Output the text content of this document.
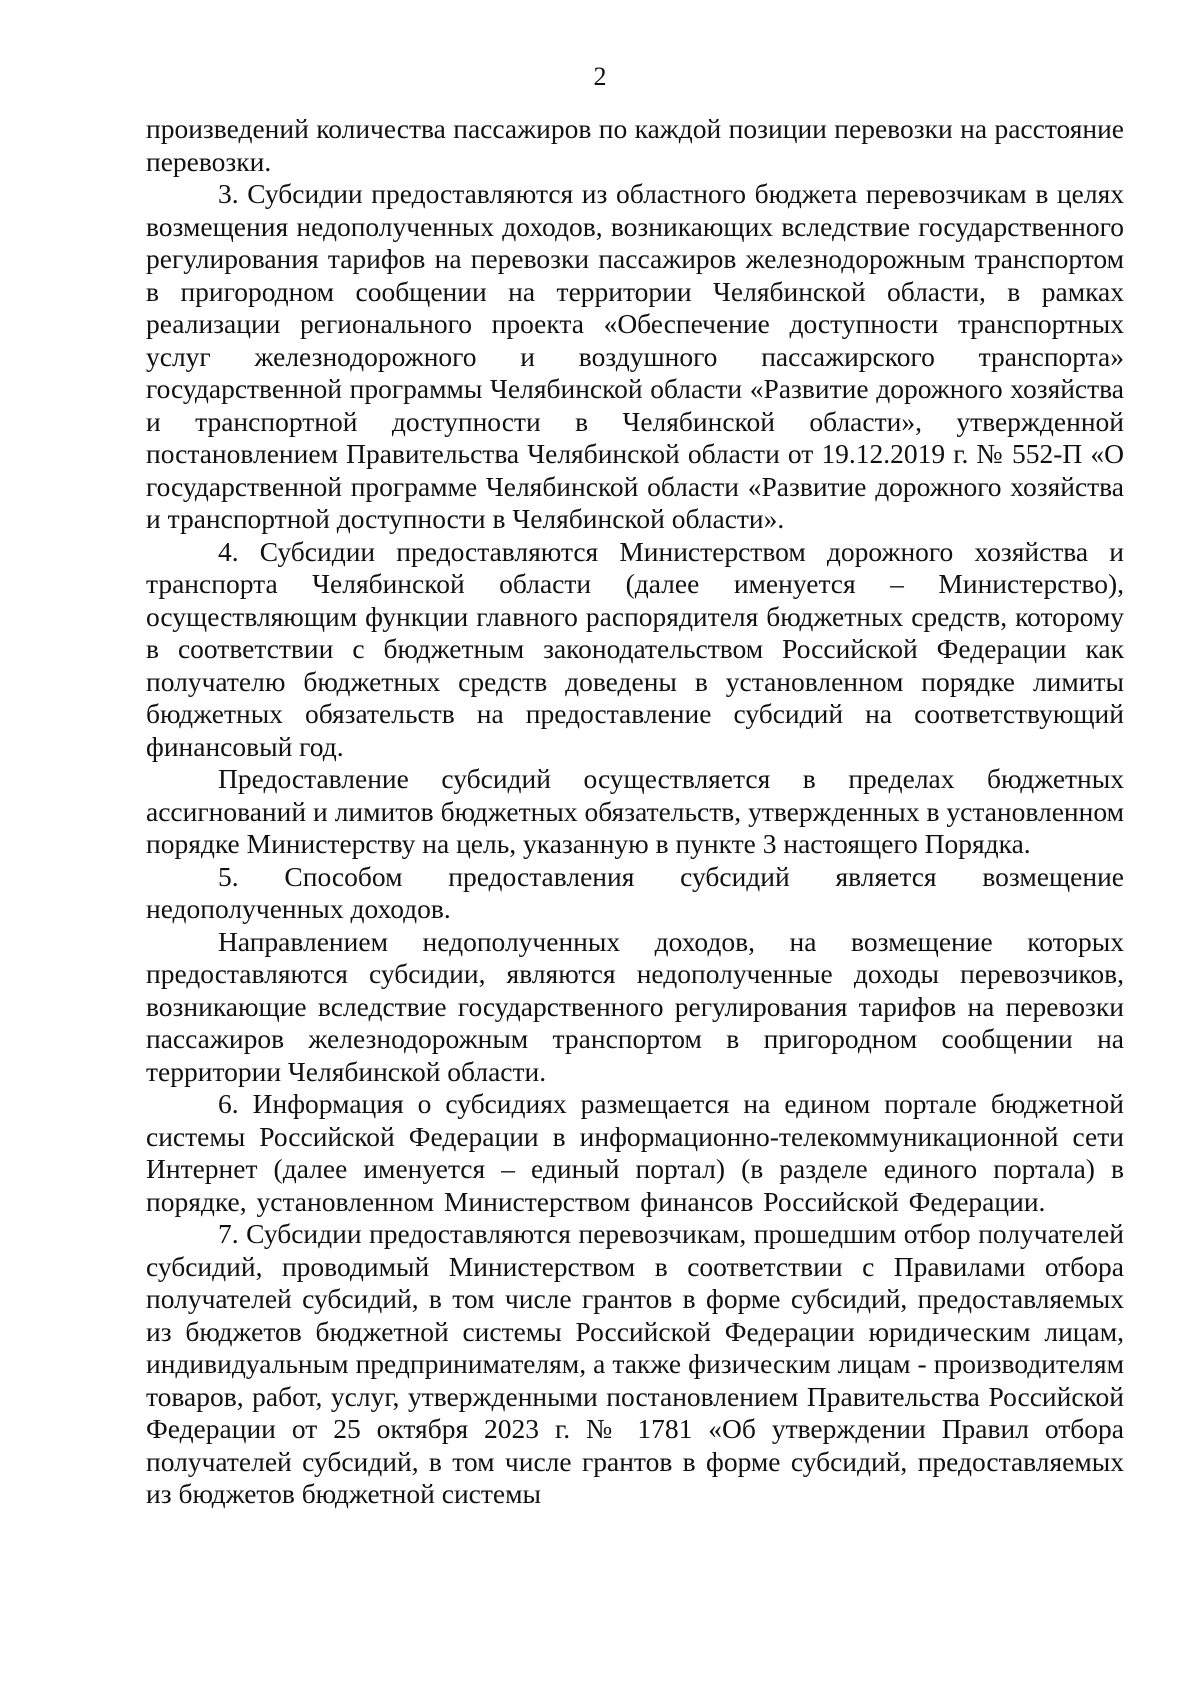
2

произведений количества пассажиров по каждой позиции перевозки на расстояние перевозки.

3. Субсидии предоставляются из областного бюджета перевозчикам в целях возмещения недополученных доходов, возникающих вследствие государственного регулирования тарифов на перевозки пассажиров железнодорожным транспортом в пригородном сообщении на территории Челябинской области, в рамках реализации регионального проекта «Обеспечение доступности транспортных услуг железнодорожного и воздушного пассажирского транспорта» государственной программы Челябинской области «Развитие дорожного хозяйства и транспортной доступности в Челябинской области», утвержденной постановлением Правительства Челябинской области от 19.12.2019 г. № 552-П «О государственной программе Челябинской области «Развитие дорожного хозяйства и транспортной доступности в Челябинской области».

4. Субсидии предоставляются Министерством дорожного хозяйства и транспорта Челябинской области (далее именуется – Министерство), осуществляющим функции главного распорядителя бюджетных средств, которому в соответствии с бюджетным законодательством Российской Федерации как получателю бюджетных средств доведены в установленном порядке лимиты бюджетных обязательств на предоставление субсидий на соответствующий финансовый год.

Предоставление субсидий осуществляется в пределах бюджетных ассигнований и лимитов бюджетных обязательств, утвержденных в установленном порядке Министерству на цель, указанную в пункте 3 настоящего Порядка.

5. Способом предоставления субсидий является возмещение недополученных доходов.

Направлением недополученных доходов, на возмещение которых предоставляются субсидии, являются недополученные доходы перевозчиков, возникающие вследствие государственного регулирования тарифов на перевозки пассажиров железнодорожным транспортом в пригородном сообщении на территории Челябинской области.

6. Информация о субсидиях размещается на едином портале бюджетной системы Российской Федерации в информационно-телекоммуникационной сети Интернет (далее именуется – единый портал) (в разделе единого портала) в порядке, установленном Министерством финансов Российской Федерации.

7. Субсидии предоставляются перевозчикам, прошедшим отбор получателей субсидий, проводимый Министерством в соответствии с Правилами отбора получателей субсидий, в том числе грантов в форме субсидий, предоставляемых из бюджетов бюджетной системы Российской Федерации юридическим лицам, индивидуальным предпринимателям, а также физическим лицам - производителям товаров, работ, услуг, утвержденными постановлением Правительства Российской Федерации от 25 октября 2023 г. № 1781 «Об утверждении Правил отбора получателей субсидий, в том числе грантов в форме субсидий, предоставляемых из бюджетов бюджетной системы
